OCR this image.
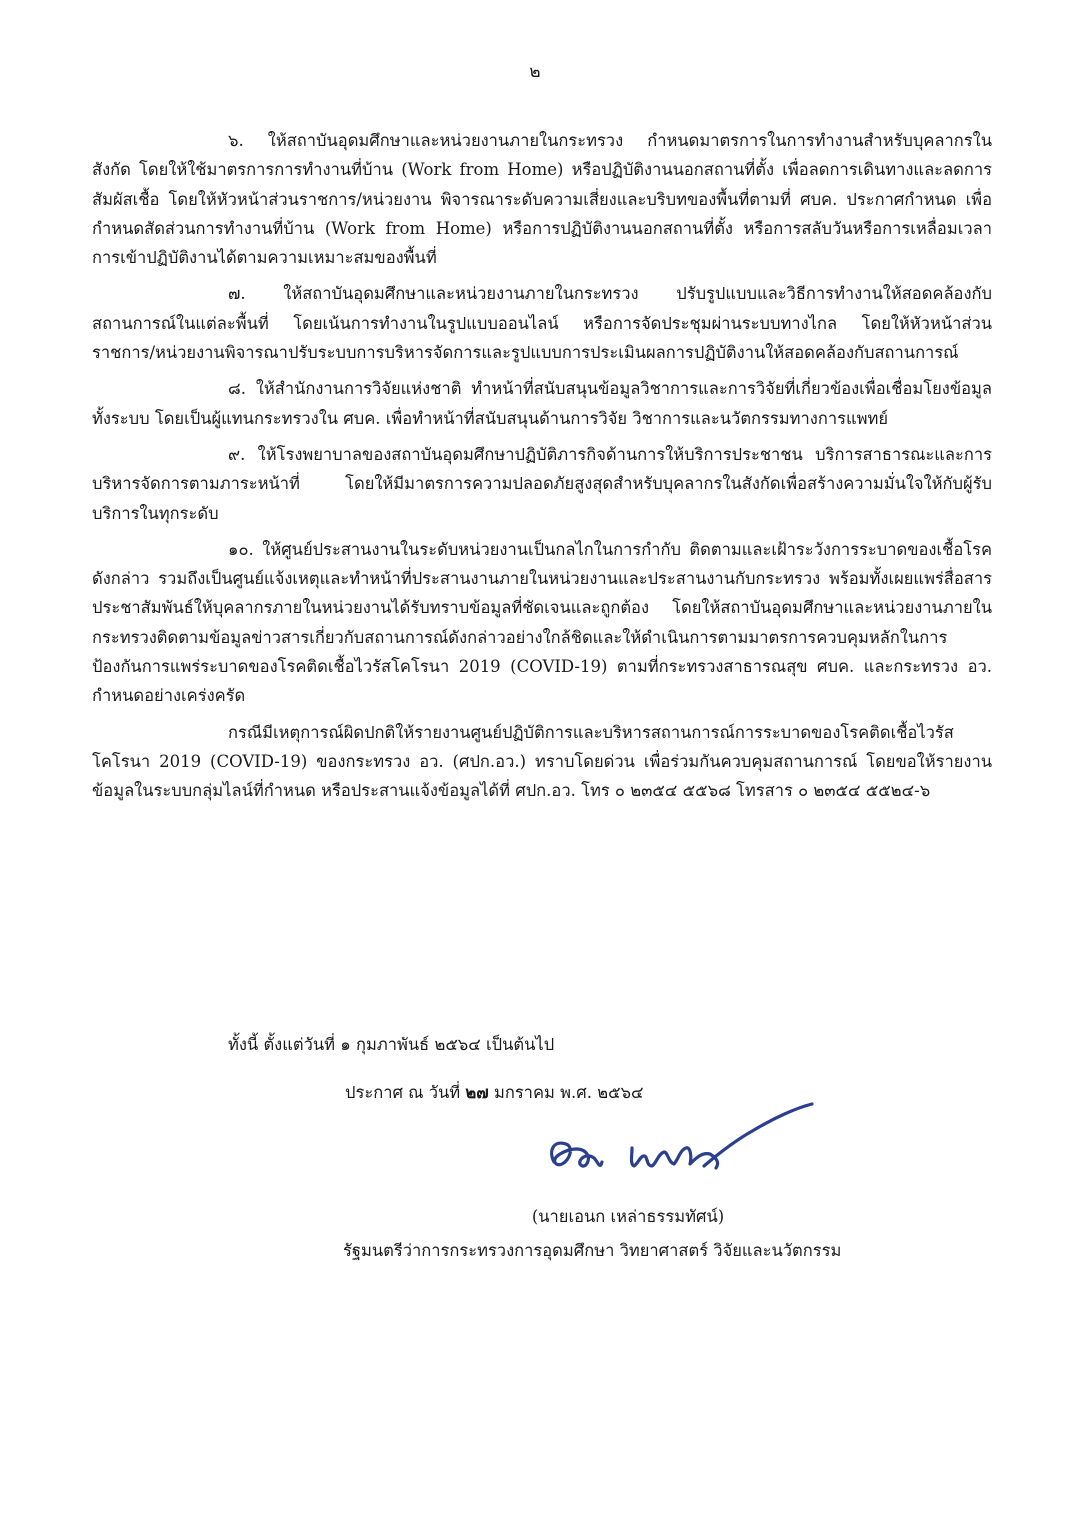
๒

๖. ให้สถาบันอุดมศึกษาและหน่วยงานภายในกระทรวง กำหนดมาตรการในการทำงานสำหรับบุคลากรในสังกัด โดยให้ใช้มาตรการการทำงานที่บ้าน (Work from Home) หรือปฏิบัติงานนอกสถานที่ตั้ง เพื่อลดการเดินทางและลดการสัมผัสเชื้อ โดยให้หัวหน้าส่วนราชการ/หน่วยงาน พิจารณาระดับความเสี่ยงและบริบทของพื้นที่ตามที่ ศบค. ประกาศกำหนด เพื่อกำหนดสัดส่วนการทำงานที่บ้าน (Work from Home) หรือการปฏิบัติงานนอกสถานที่ตั้ง หรือการสลับวันหรือการเหลื่อมเวลาการเข้าปฏิบัติงานได้ตามความเหมาะสมของพื้นที่

๗. ให้สถาบันอุดมศึกษาและหน่วยงานภายในกระทรวง ปรับรูปแบบและวิธีการทำงานให้สอดคล้องกับสถานการณ์ในแต่ละพื้นที่ โดยเน้นการทำงานในรูปแบบออนไลน์ หรือการจัดประชุมผ่านระบบทางไกล โดยให้หัวหน้าส่วนราชการ/หน่วยงานพิจารณาปรับระบบการบริหารจัดการและรูปแบบการประเมินผลการปฏิบัติงานให้สอดคล้องกับสถานการณ์

๘. ให้สำนักงานการวิจัยแห่งชาติ ทำหน้าที่สนับสนุนข้อมูลวิชาการและการวิจัยที่เกี่ยวข้องเพื่อเชื่อมโยงข้อมูลทั้งระบบ โดยเป็นผู้แทนกระทรวงใน ศบค. เพื่อทำหน้าที่สนับสนุนด้านการวิจัย วิชาการและนวัตกรรมทางการแพทย์

๙. ให้โรงพยาบาลของสถาบันอุดมศึกษาปฏิบัติภารกิจด้านการให้บริการประชาชน บริการสาธารณะและการบริหารจัดการตามภาระหน้าที่ โดยให้มีมาตรการความปลอดภัยสูงสุดสำหรับบุคลากรในสังกัดเพื่อสร้างความมั่นใจให้กับผู้รับบริการในทุกระดับ

๑๐. ให้ศูนย์ประสานงานในระดับหน่วยงานเป็นกลไกในการกำกับ ติดตามและเฝ้าระวังการระบาดของเชื้อโรคดังกล่าว รวมถึงเป็นศูนย์แจ้งเหตุและทำหน้าที่ประสานงานภายในหน่วยงานและประสานงานกับกระทรวง พร้อมทั้งเผยแพร่สื่อสารประชาสัมพันธ์ให้บุคลากรภายในหน่วยงานได้รับทราบข้อมูลที่ชัดเจนและถูกต้อง โดยให้สถาบันอุดมศึกษาและหน่วยงานภายในกระทรวงติดตามข้อมูลข่าวสารเกี่ยวกับสถานการณ์ดังกล่าวอย่างใกล้ชิดและให้ดำเนินการตามมาตรการควบคุมหลักในการป้องกันการแพร่ระบาดของโรคติดเชื้อไวรัสโคโรนา 2019 (COVID-19) ตามที่กระทรวงสาธารณสุข ศบค. และกระทรวง อว. กำหนดอย่างเคร่งครัด

กรณีมีเหตุการณ์ผิดปกติให้รายงานศูนย์ปฏิบัติการและบริหารสถานการณ์การระบาดของโรคติดเชื้อไวรัสโคโรนา 2019 (COVID-19) ของกระทรวง อว. (ศปก.อว.) ทราบโดยด่วน เพื่อร่วมกันควบคุมสถานการณ์ โดยขอให้รายงานข้อมูลในระบบกลุ่มไลน์ที่กำหนด หรือประสานแจ้งข้อมูลได้ที่ ศปก.อว. โทร ๐ ๒๓๕๔ ๕๕๖๘ โทรสาร ๐ ๒๓๕๔ ๕๕๒๔-๖

ทั้งนี้ ตั้งแต่วันที่ ๑ กุมภาพันธ์ ๒๕๖๔ เป็นต้นไป
ประกาศ ณ วันที่ ๒๗ มกราคม พ.ศ. ๒๕๖๔
(นายเอนก เหล่าธรรมทัศน์)
รัฐมนตรีว่าการกระทรวงการอุดมศึกษา วิทยาศาสตร์ วิจัยและนวัตกรรม
